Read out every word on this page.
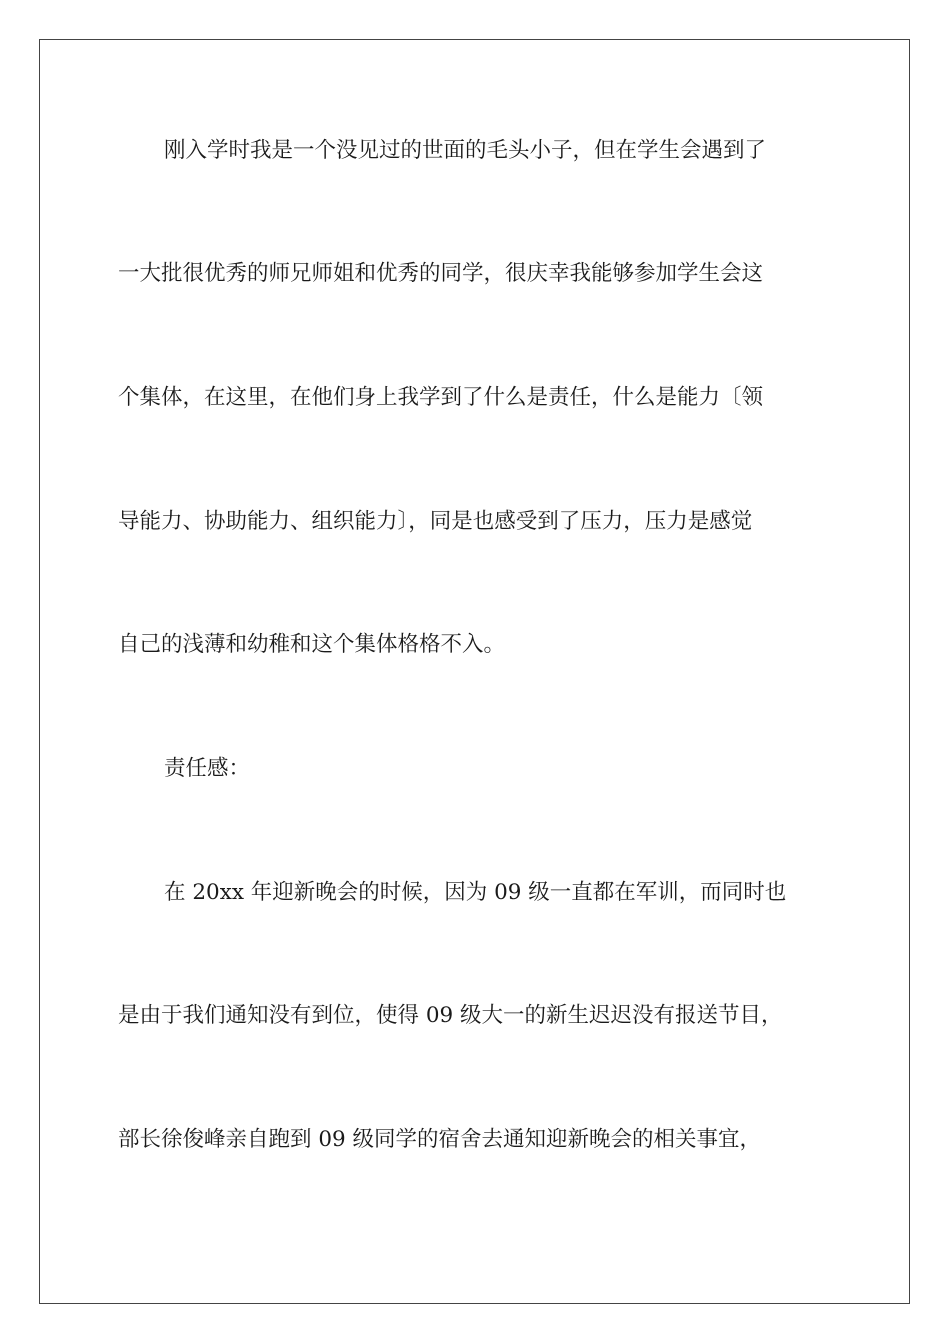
刚入学时我是一个没见过的世面的毛头小子，但在学生会遇到了

一大批很优秀的师兄师姐和优秀的同学，很庆幸我能够参加学生会这

个集体，在这里，在他们身上我学到了什么是责任，什么是能力〔领

导能力、协助能力、组织能力〕，同是也感受到了压力，压力是感觉

自己的浅薄和幼稚和这个集体格格不入。

责任感：

在 20xx 年迎新晚会的时候，因为 09 级一直都在军训，而同时也

是由于我们通知没有到位，使得 09 级大一的新生迟迟没有报送节目，

部长徐俊峰亲自跑到 09 级同学的宿舍去通知迎新晚会的相关事宜，
